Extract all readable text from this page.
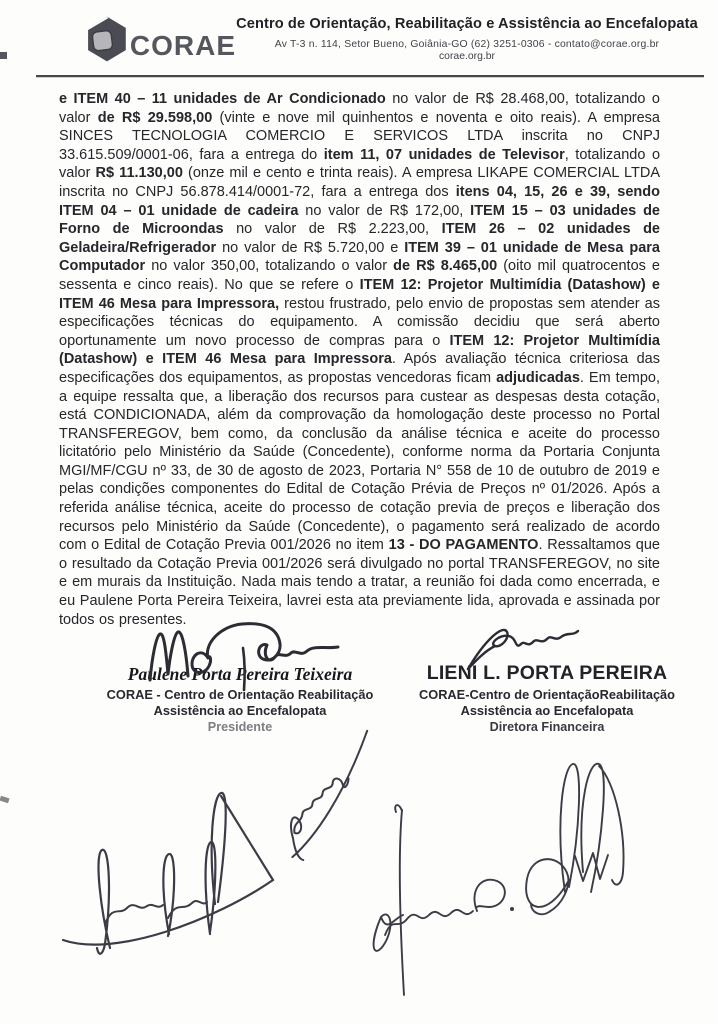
CORAE
Centro de Orientação, Reabilitação e Assistência ao Encefalopata
Av T-3 n. 114, Setor Bueno, Goiânia-GO (62) 3251-0306 - contato@corae.org.br
corae.org.br

e ITEM 40 – 11 unidades de Ar Condicionado no valor de R$ 28.468,00, totalizando o valor de R$ 29.598,00 (vinte e nove mil quinhentos e noventa e oito reais). A empresa SINCES TECNOLOGIA COMERCIO E SERVICOS LTDA inscrita no CNPJ 33.615.509/0001-06, fara a entrega do item 11, 07 unidades de Televisor, totalizando o valor R$ 11.130,00 (onze mil e cento e trinta reais). A empresa LIKAPE COMERCIAL LTDA inscrita no CNPJ 56.878.414/0001-72, fara a entrega dos itens 04, 15, 26 e 39, sendo ITEM 04 – 01 unidade de cadeira no valor de R$ 172,00, ITEM 15 – 03 unidades de Forno de Microondas no valor de R$ 2.223,00, ITEM 26 – 02 unidades de Geladeira/Refrigerador no valor de R$ 5.720,00 e ITEM 39 – 01 unidade de Mesa para Computador no valor 350,00, totalizando o valor de R$ 8.465,00 (oito mil quatrocentos e sessenta e cinco reais). No que se refere o ITEM 12: Projetor Multimídia (Datashow) e ITEM 46 Mesa para Impressora, restou frustrado, pelo envio de propostas sem atender as especificações técnicas do equipamento. A comissão decidiu que será aberto oportunamente um novo processo de compras para o ITEM 12: Projetor Multimídia (Datashow) e ITEM 46 Mesa para Impressora. Após avaliação técnica criteriosa das especificações dos equipamentos, as propostas vencedoras ficam adjudicadas. Em tempo, a equipe ressalta que, a liberação dos recursos para custear as despesas desta cotação, está CONDICIONADA, além da comprovação da homologação deste processo no Portal TRANSFEREGOV, bem como, da conclusão da análise técnica e aceite do processo licitatório pelo Ministério da Saúde (Concedente), conforme norma da Portaria Conjunta MGI/MF/CGU nº 33, de 30 de agosto de 2023, Portaria N° 558 de 10 de outubro de 2019 e pelas condições componentes do Edital de Cotação Prévia de Preços nº 01/2026. Após a referida análise técnica, aceite do processo de cotação previa de preços e liberação dos recursos pelo Ministério da Saúde (Concedente), o pagamento será realizado de acordo com o Edital de Cotação Previa 001/2026 no item 13 - DO PAGAMENTO. Ressaltamos que o resultado da Cotação Previa 001/2026 será divulgado no portal TRANSFEREGOV, no site e em murais da Instituição. Nada mais tendo a tratar, a reunião foi dada como encerrada, e eu Paulene Porta Pereira Teixeira, lavrei esta ata previamente lida, aprovada e assinada por todos os presentes.

Paulene Porta Pereira Teixeira
CORAE - Centro de Orientação Reabilitação
Assistência ao Encefalopata
Presidente
LIENI L. PORTA PEREIRA
CORAE-Centro de OrientaçãoReabilitação
Assistência ao Encefalopata
Diretora Financeira
